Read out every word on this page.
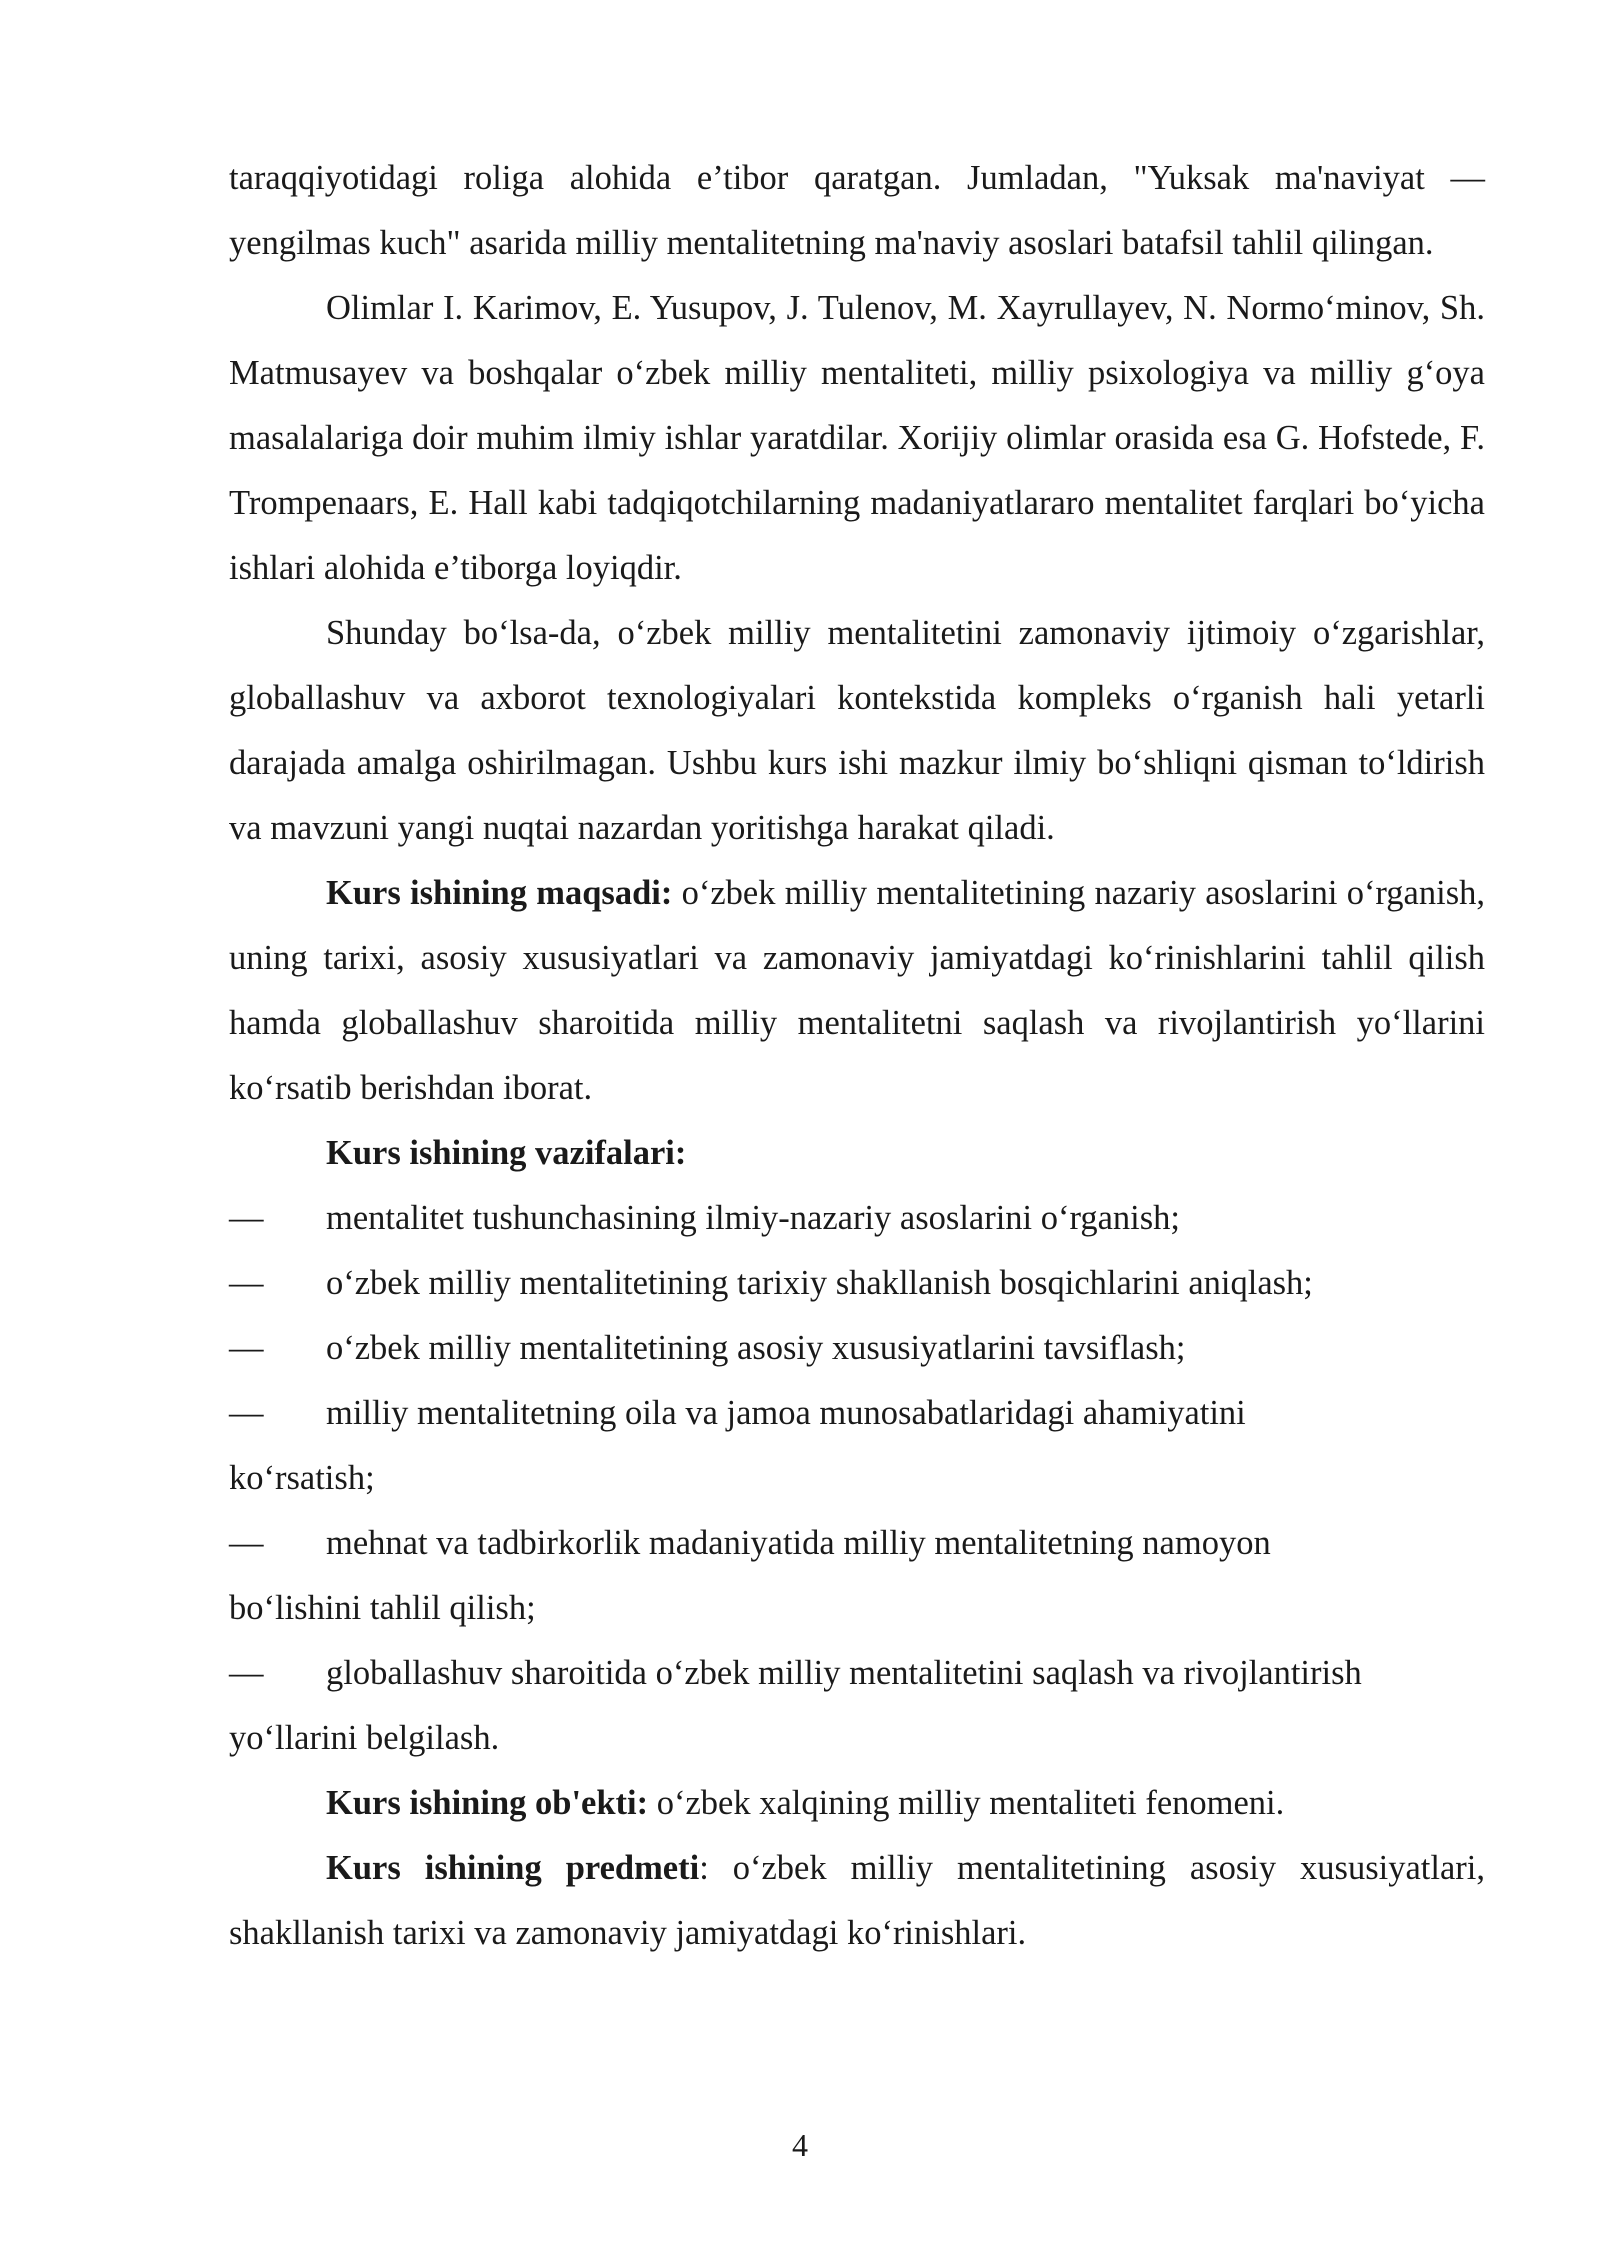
taraqqiyotidagi roliga alohida e’tibor qaratgan. Jumladan, "Yuksak ma'naviyat — yengilmas kuch" asarida milliy mentalitetning ma'naviy asoslari batafsil tahlil qilingan.

Olimlar I. Karimov, E. Yusupov, J. Tulenov, M. Xayrullayev, N. Normoʻminov, Sh. Matmusayev va boshqalar oʻzbek milliy mentaliteti, milliy psixologiya va milliy gʻoya masalalariga doir muhim ilmiy ishlar yaratdilar. Xorijiy olimlar orasida esa G. Hofstede, F. Trompenaars, E. Hall kabi tadqiqotchilarning madaniyatlararo mentalitet farqlari boʻyicha ishlari alohida e’tiborga loyiqdir.

Shunday boʻlsa-da, oʻzbek milliy mentalitetini zamonaviy ijtimoiy oʻzgarishlar, globallashuv va axborot texnologiyalari kontekstida kompleks oʻrganish hali yetarli darajada amalga oshirilmagan. Ushbu kurs ishi mazkur ilmiy boʻshliqni qisman toʻldirish va mavzuni yangi nuqtai nazardan yoritishga harakat qiladi.

Kurs ishining maqsadi: oʻzbek milliy mentalitetining nazariy asoslarini oʻrganish, uning tarixi, asosiy xususiyatlari va zamonaviy jamiyatdagi koʻrinishlarini tahlil qilish hamda globallashuv sharoitida milliy mentalitetni saqlash va rivojlantirish yoʻllarini koʻrsatib berishdan iborat.

Kurs ishining vazifalari:

— mentalitet tushunchasining ilmiy-nazariy asoslarini oʻrganish;
— oʻzbek milliy mentalitetining tarixiy shakllanish bosqichlarini aniqlash;
— oʻzbek milliy mentalitetining asosiy xususiyatlarini tavsiflash;
— milliy mentalitetning oila va jamoa munosabatlaridagi ahamiyatini
koʻrsatish;
— mehnat va tadbirkorlik madaniyatida milliy mentalitetning namoyon
boʻlishini tahlil qilish;
— globallashuv sharoitida oʻzbek milliy mentalitetini saqlash va rivojlantirish
yoʻllarini belgilash.

Kurs ishining ob'ekti: oʻzbek xalqining milliy mentaliteti fenomeni.

Kurs ishining predmeti: oʻzbek milliy mentalitetining asosiy xususiyatlari, shakllanish tarixi va zamonaviy jamiyatdagi koʻrinishlari.

4
